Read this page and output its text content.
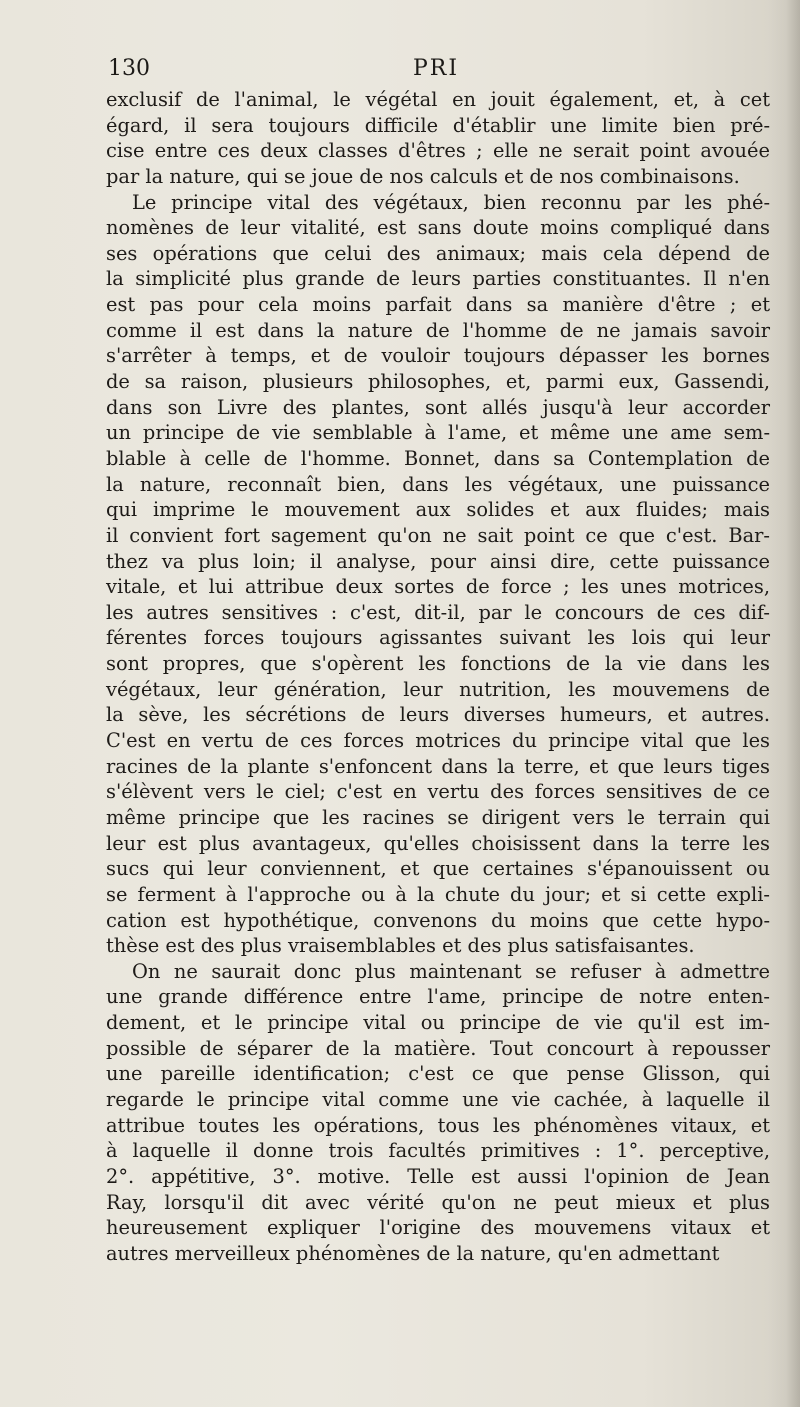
130	PRI
exclusif de l'animal, le végétal en jouit également, et, à cet
égard, il sera toujours difficile d'établir une limite bien pré-
cise entre ces deux classes d'êtres ; elle ne serait point avouée
par la nature, qui se joue de nos calculs et de nos combinaisons.
Le principe vital des végétaux, bien reconnu par les phé-
nomènes de leur vitalité, est sans doute moins compliqué dans
ses opérations que celui des animaux; mais cela dépend de
la simplicité plus grande de leurs parties constituantes. Il n'en
est pas pour cela moins parfait dans sa manière d'être ; et
comme il est dans la nature de l'homme de ne jamais savoir
s'arrêter à temps, et de vouloir toujours dépasser les bornes
de sa raison, plusieurs philosophes, et, parmi eux, Gassendi,
dans son Livre des plantes, sont allés jusqu'à leur accorder
un principe de vie semblable à l'ame, et même une ame sem-
blable à celle de l'homme. Bonnet, dans sa Contemplation de
la nature, reconnaît bien, dans les végétaux, une puissance
qui imprime le mouvement aux solides et aux fluides; mais
il convient fort sagement qu'on ne sait point ce que c'est. Bar-
thez va plus loin; il analyse, pour ainsi dire, cette puissance
vitale, et lui attribue deux sortes de force ; les unes motrices,
les autres sensitives : c'est, dit-il, par le concours de ces dif-
férentes forces toujours agissantes suivant les lois qui leur
sont propres, que s'opèrent les fonctions de la vie dans les
végétaux, leur génération, leur nutrition, les mouvemens de
la sève, les sécrétions de leurs diverses humeurs, et autres.
C'est en vertu de ces forces motrices du principe vital que les
racines de la plante s'enfoncent dans la terre, et que leurs tiges
s'élèvent vers le ciel; c'est en vertu des forces sensitives de ce
même principe que les racines se dirigent vers le terrain qui
leur est plus avantageux, qu'elles choisissent dans la terre les
sucs qui leur conviennent, et que certaines s'épanouissent ou
se ferment à l'approche ou à la chute du jour; et si cette expli-
cation est hypothétique, convenons du moins que cette hypo-
thèse est des plus vraisemblables et des plus satisfaisantes.
On ne saurait donc plus maintenant se refuser à admettre
une grande différence entre l'ame, principe de notre enten-
dement, et le principe vital ou principe de vie qu'il est im-
possible de séparer de la matière. Tout concourt à repousser
une pareille identification; c'est ce que pense Glisson, qui
regarde le principe vital comme une vie cachée, à laquelle il
attribue toutes les opérations, tous les phénomènes vitaux, et
à laquelle il donne trois facultés primitives : 1°. perceptive,
2°. appétitive, 3°. motive. Telle est aussi l'opinion de Jean
Ray, lorsqu'il dit avec vérité qu'on ne peut mieux et plus
heureusement expliquer l'origine des mouvemens vitaux et
autres merveilleux phénomènes de la nature, qu'en admettant
